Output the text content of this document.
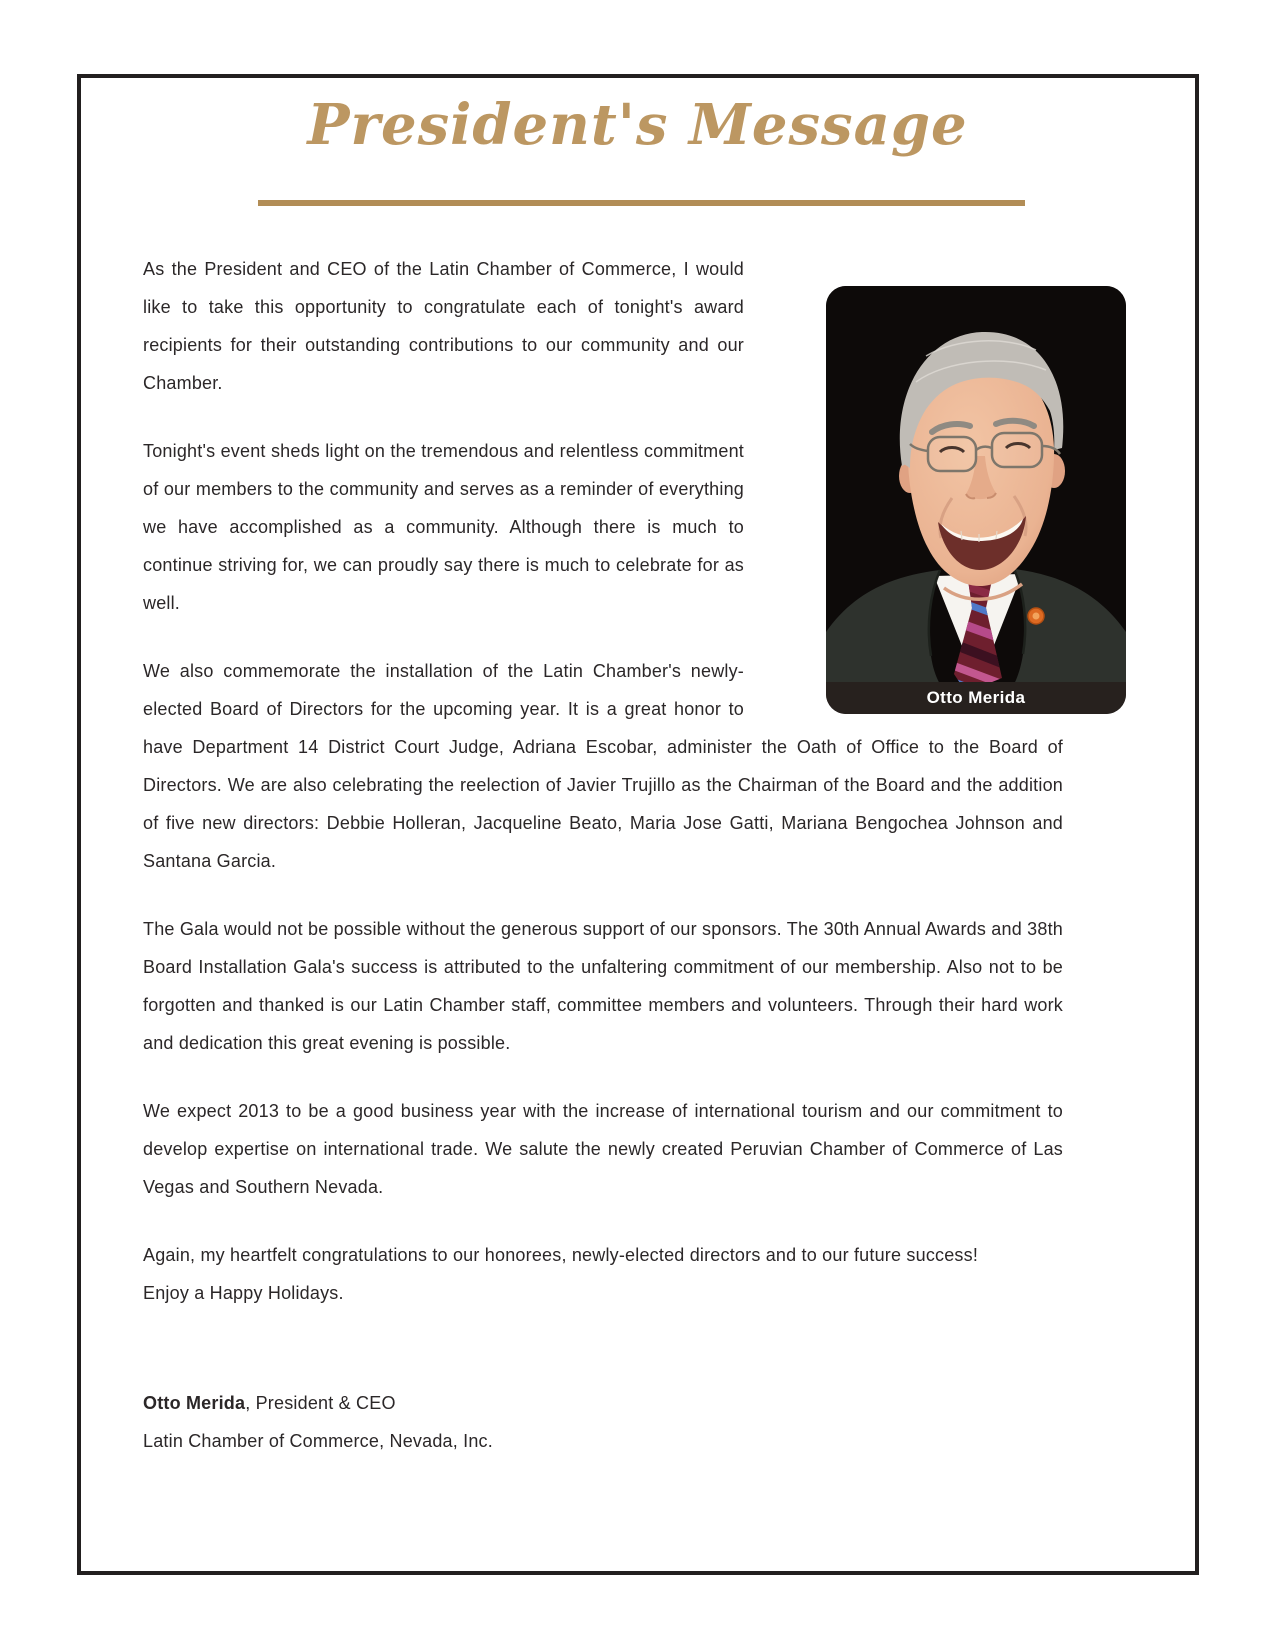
President's Message
Otto Merida

As the President and CEO of the Latin Chamber of Commerce, I would like to take this opportunity to congratulate each of tonight's award recipients for their outstanding contributions to our community and our Chamber.

Tonight's event sheds light on the tremendous and relentless commitment of our members to the community and serves as a reminder of everything we have accomplished as a community. Although there is much to continue striving for, we can proudly say there is much to celebrate for as well.

We also commemorate the installation of the Latin Chamber's newly-elected Board of Directors for the upcoming year. It is a great honor to have Department 14 District Court Judge, Adriana Escobar, administer the Oath of Office to the Board of Directors. We are also celebrating the reelection of Javier Trujillo as the Chairman of the Board and the addition of five new directors: Debbie Holleran, Jacqueline Beato, Maria Jose Gatti, Mariana Bengochea Johnson and Santana Garcia.

The Gala would not be possible without the generous support of our sponsors. The 30th Annual Awards and 38th Board Installation Gala's success is attributed to the unfaltering commitment of our membership. Also not to be forgotten and thanked is our Latin Chamber staff, committee members and volunteers. Through their hard work and dedication this great evening is possible.

We expect 2013 to be a good business year with the increase of international tourism and our commitment to develop expertise on international trade. We salute the newly created Peruvian Chamber of Commerce of Las Vegas and Southern Nevada.

Again, my heartfelt congratulations to our honorees, newly-elected directors and to our future success!

Enjoy a Happy Holidays.

Otto Merida, President & CEO

Latin Chamber of Commerce, Nevada, Inc.
